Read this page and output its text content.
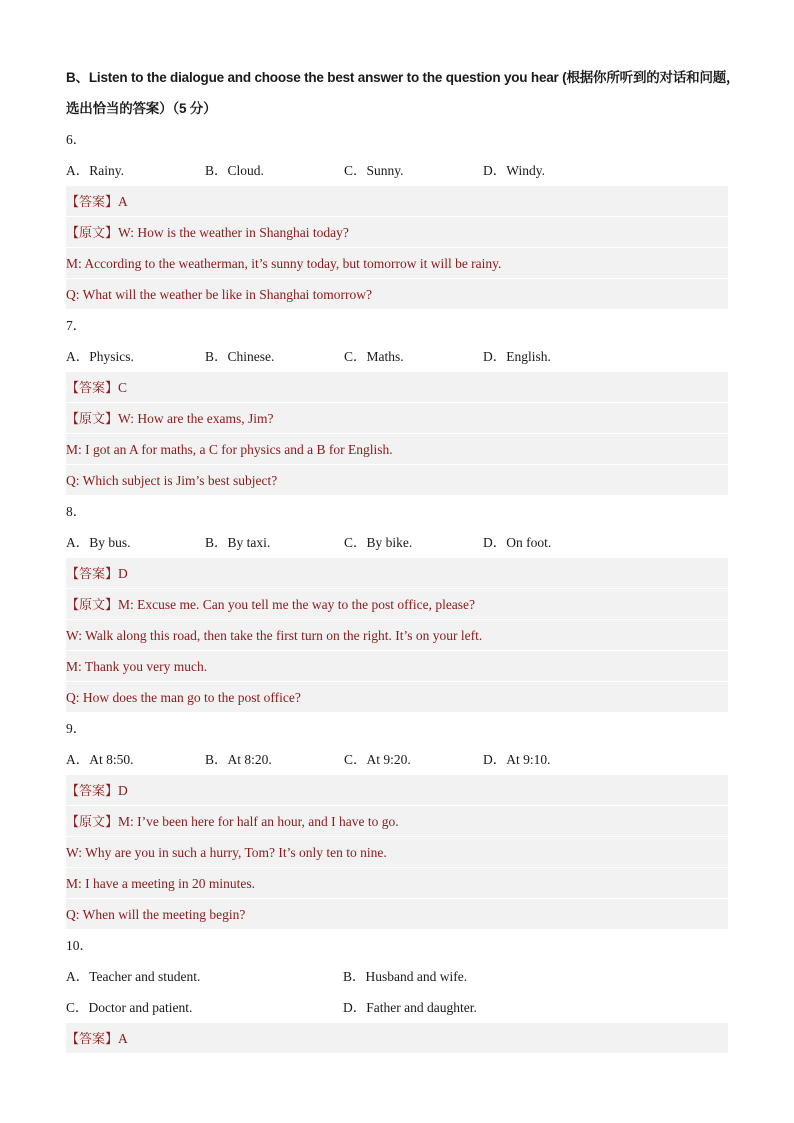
B、Listen to the dialogue and choose the best answer to the question you hear (根据你所听到的对话和问题，
选出恰当的答案）（5 分）
6．
A．Rainy.	B．Cloud.	C．Sunny.	D．Windy.
【答案】A
【原文】W: How is the weather in Shanghai today?
M: According to the weatherman, it’s sunny today, but tomorrow it will be rainy.
Q: What will the weather be like in Shanghai tomorrow?
7．
A．Physics.	B．Chinese.	C．Maths.	D．English.
【答案】C
【原文】W: How are the exams, Jim?
M: I got an A for maths, a C for physics and a B for English.
Q: Which subject is Jim’s best subject?
8．
A．By bus.	B．By taxi.	C．By bike.	D．On foot.
【答案】D
【原文】M: Excuse me. Can you tell me the way to the post office, please?
W: Walk along this road, then take the first turn on the right. It’s on your left.
M: Thank you very much.
Q: How does the man go to the post office?
9．
A．At 8:50.	B．At 8:20.	C．At 9:20.	D．At 9:10.
【答案】D
【原文】M: I’ve been here for half an hour, and I have to go.
W: Why are you in such a hurry, Tom? It’s only ten to nine.
M: I have a meeting in 20 minutes.
Q: When will the meeting begin?
10．
A．Teacher and student.	B．Husband and wife.
C．Doctor and patient.	D．Father and daughter.
【答案】A
